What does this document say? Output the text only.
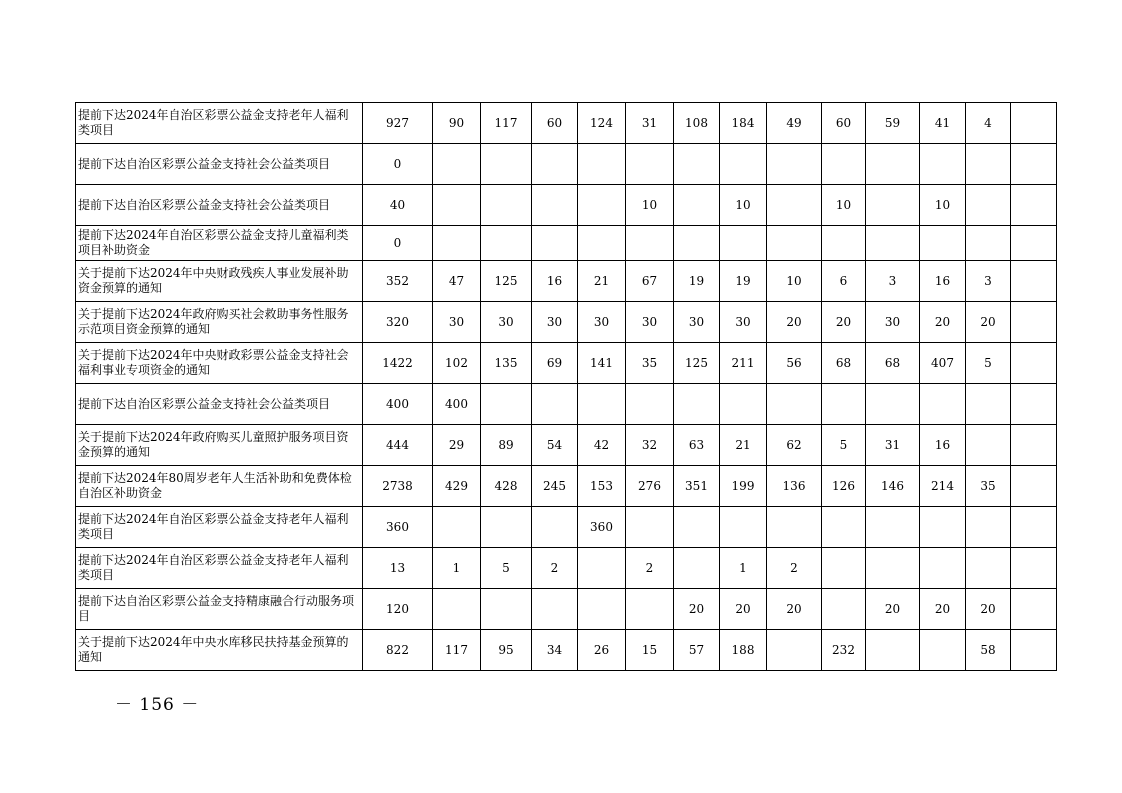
提前下达2024年自治区彩票公益金支持老年人福利类项目	927	90	117	60	124	31	108	184	49	60	59	41	4	
提前下达自治区彩票公益金支持社会公益类项目	0													
提前下达自治区彩票公益金支持社会公益类项目	40					10		10		10		10		
提前下达2024年自治区彩票公益金支持儿童福利类项目补助资金	0													
关于提前下达2024年中央财政残疾人事业发展补助资金预算的通知	352	47	125	16	21	67	19	19	10	6	3	16	3	
关于提前下达2024年政府购买社会救助事务性服务示范项目资金预算的通知	320	30	30	30	30	30	30	30	20	20	30	20	20	
关于提前下达2024年中央财政彩票公益金支持社会福利事业专项资金的通知	1422	102	135	69	141	35	125	211	56	68	68	407	5	
提前下达自治区彩票公益金支持社会公益类项目	400	400												
关于提前下达2024年政府购买儿童照护服务项目资金预算的通知	444	29	89	54	42	32	63	21	62	5	31	16		
提前下达2024年80周岁老年人生活补助和免费体检自治区补助资金	2738	429	428	245	153	276	351	199	136	126	146	214	35	
提前下达2024年自治区彩票公益金支持老年人福利类项目	360				360									
提前下达2024年自治区彩票公益金支持老年人福利类项目	13	1	5	2		2		1	2					
提前下达自治区彩票公益金支持精康融合行动服务项目	120						20	20	20		20	20	20	
关于提前下达2024年中央水库移民扶持基金预算的通知	822	117	95	34	26	15	57	188		232			58	
－ 156 －
